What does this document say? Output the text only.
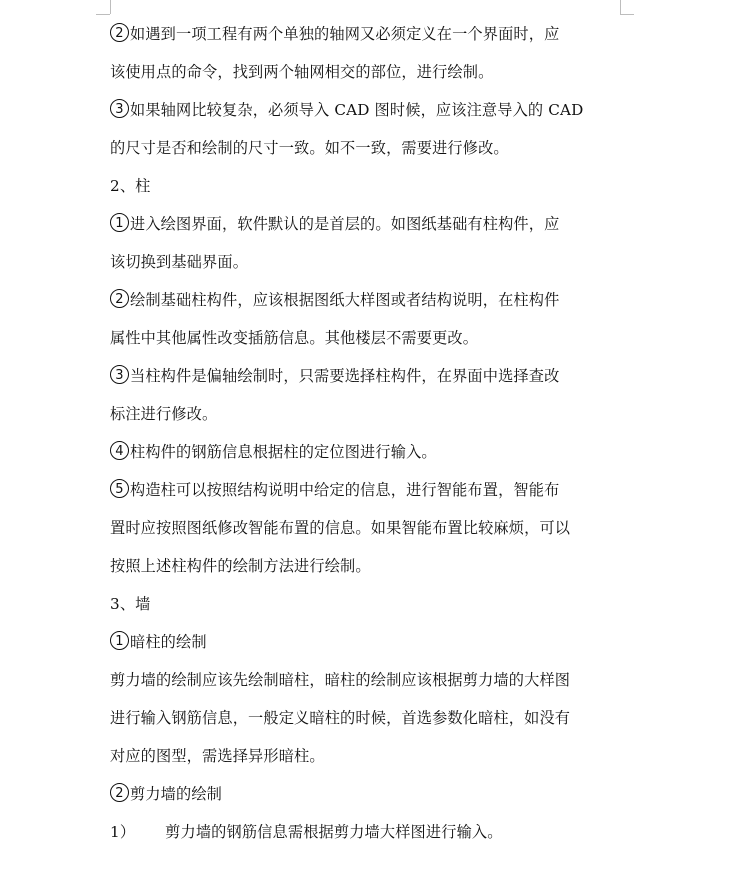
2 如遇到一项工程有两个单独的轴网又必须定义在一个界面时，应
该使用点的命令，找到两个轴网相交的部位，进行绘制。
3 如果轴网比较复杂，必须导入 CAD 图时候，应该注意导入的 CAD
的尺寸是否和绘制的尺寸一致。如不一致，需要进行修改。
2、柱
1 进入绘图界面，软件默认的是首层的。如图纸基础有柱构件，应
该切换到基础界面。
2 绘制基础柱构件，应该根据图纸大样图或者结构说明，在柱构件
属性中其他属性改变插筋信息。其他楼层不需要更改。
3 当柱构件是偏轴绘制时，只需要选择柱构件，在界面中选择查改
标注进行修改。
4 柱构件的钢筋信息根据柱的定位图进行输入。
5 构造柱可以按照结构说明中给定的信息，进行智能布置，智能布
置时应按照图纸修改智能布置的信息。如果智能布置比较麻烦，可以
按照上述柱构件的绘制方法进行绘制。
3、墙
1 暗柱的绘制
剪力墙的绘制应该先绘制暗柱，暗柱的绘制应该根据剪力墙的大样图
进行输入钢筋信息，一般定义暗柱的时候，首选参数化暗柱，如没有
对应的图型，需选择异形暗柱。
2 剪力墙的绘制
1） 剪力墙的钢筋信息需根据剪力墙大样图进行输入。
